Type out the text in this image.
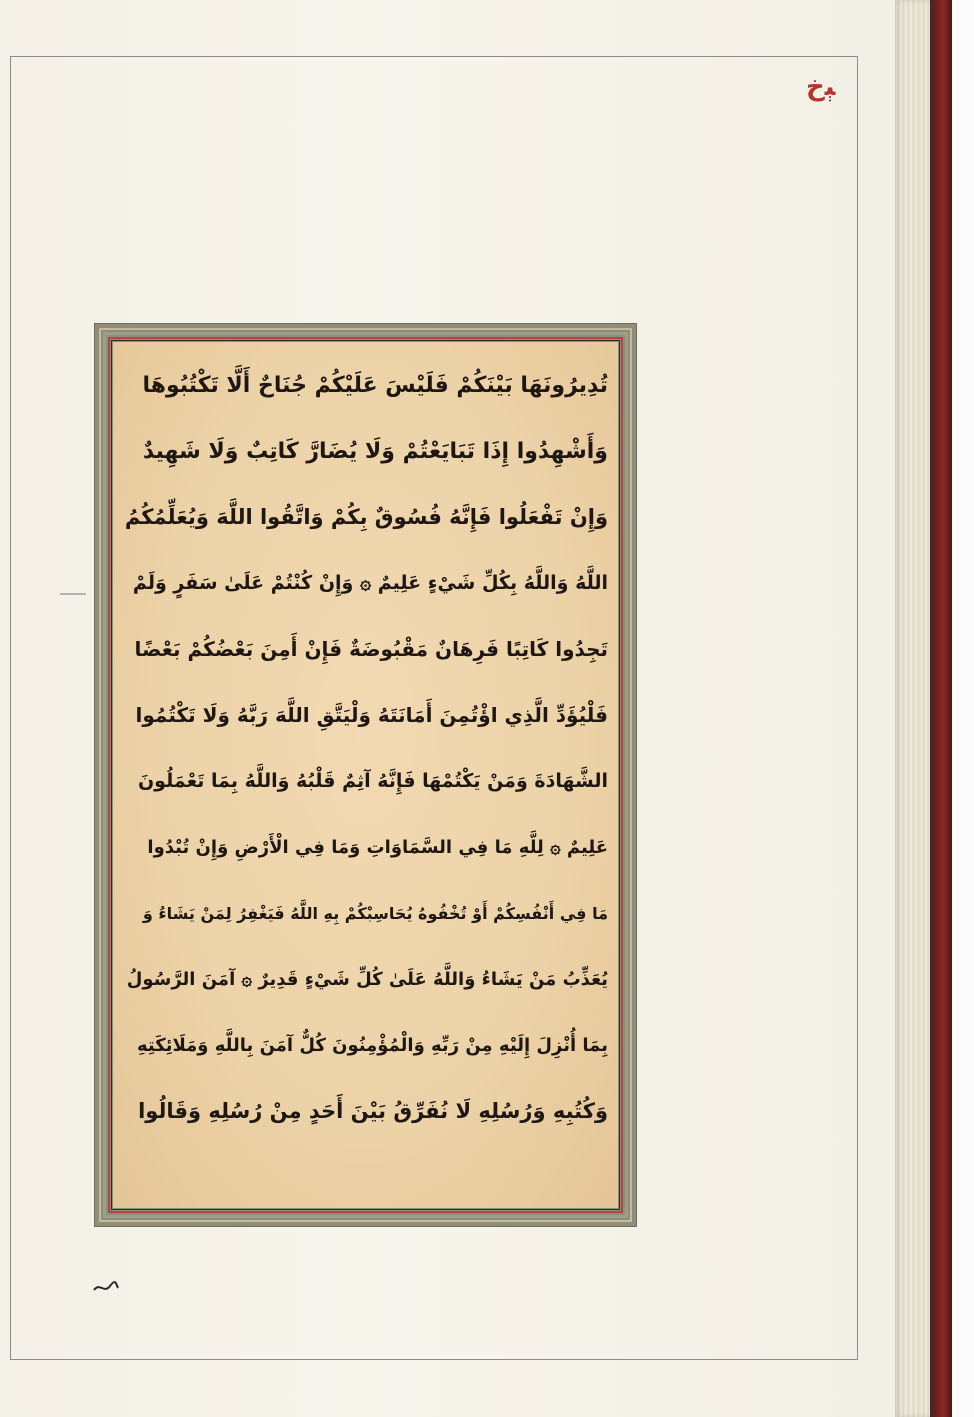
ﭕخ
تُدِيرُونَهَا بَيْنَكُمْ فَلَيْسَ عَلَيْكُمْ جُنَاحٌ أَلَّا تَكْتُبُوهَا
وَأَشْهِدُوا إِذَا تَبَايَعْتُمْ وَلَا يُضَارَّ كَاتِبٌ وَلَا شَهِيدٌ
وَإِنْ تَفْعَلُوا فَإِنَّهُ فُسُوقٌ بِكُمْ وَاتَّقُوا اللَّهَ وَيُعَلِّمُكُمُ
اللَّهُ وَاللَّهُ بِكُلِّ شَيْءٍ عَلِيمٌ ۞ وَإِنْ كُنْتُمْ عَلَىٰ سَفَرٍ وَلَمْ
تَجِدُوا كَاتِبًا فَرِهَانٌ مَقْبُوضَةٌ فَإِنْ أَمِنَ بَعْضُكُمْ بَعْضًا
فَلْيُؤَدِّ الَّذِي اؤْتُمِنَ أَمَانَتَهُ وَلْيَتَّقِ اللَّهَ رَبَّهُ وَلَا تَكْتُمُوا
الشَّهَادَةَ وَمَنْ يَكْتُمْهَا فَإِنَّهُ آثِمٌ قَلْبُهُ وَاللَّهُ بِمَا تَعْمَلُونَ
عَلِيمٌ ۞ لِلَّهِ مَا فِي السَّمَاوَاتِ وَمَا فِي الْأَرْضِ وَإِنْ تُبْدُوا
مَا فِي أَنْفُسِكُمْ أَوْ تُخْفُوهُ يُحَاسِبْكُمْ بِهِ اللَّهُ فَيَغْفِرُ لِمَنْ يَشَاءُ وَ
يُعَذِّبُ مَنْ يَشَاءُ وَاللَّهُ عَلَىٰ كُلِّ شَيْءٍ قَدِيرٌ ۞ آمَنَ الرَّسُولُ
بِمَا أُنْزِلَ إِلَيْهِ مِنْ رَبِّهِ وَالْمُؤْمِنُونَ كُلٌّ آمَنَ بِاللَّهِ وَمَلَائِكَتِهِ
وَكُتُبِهِ وَرُسُلِهِ لَا نُفَرِّقُ بَيْنَ أَحَدٍ مِنْ رُسُلِهِ وَقَالُوا
